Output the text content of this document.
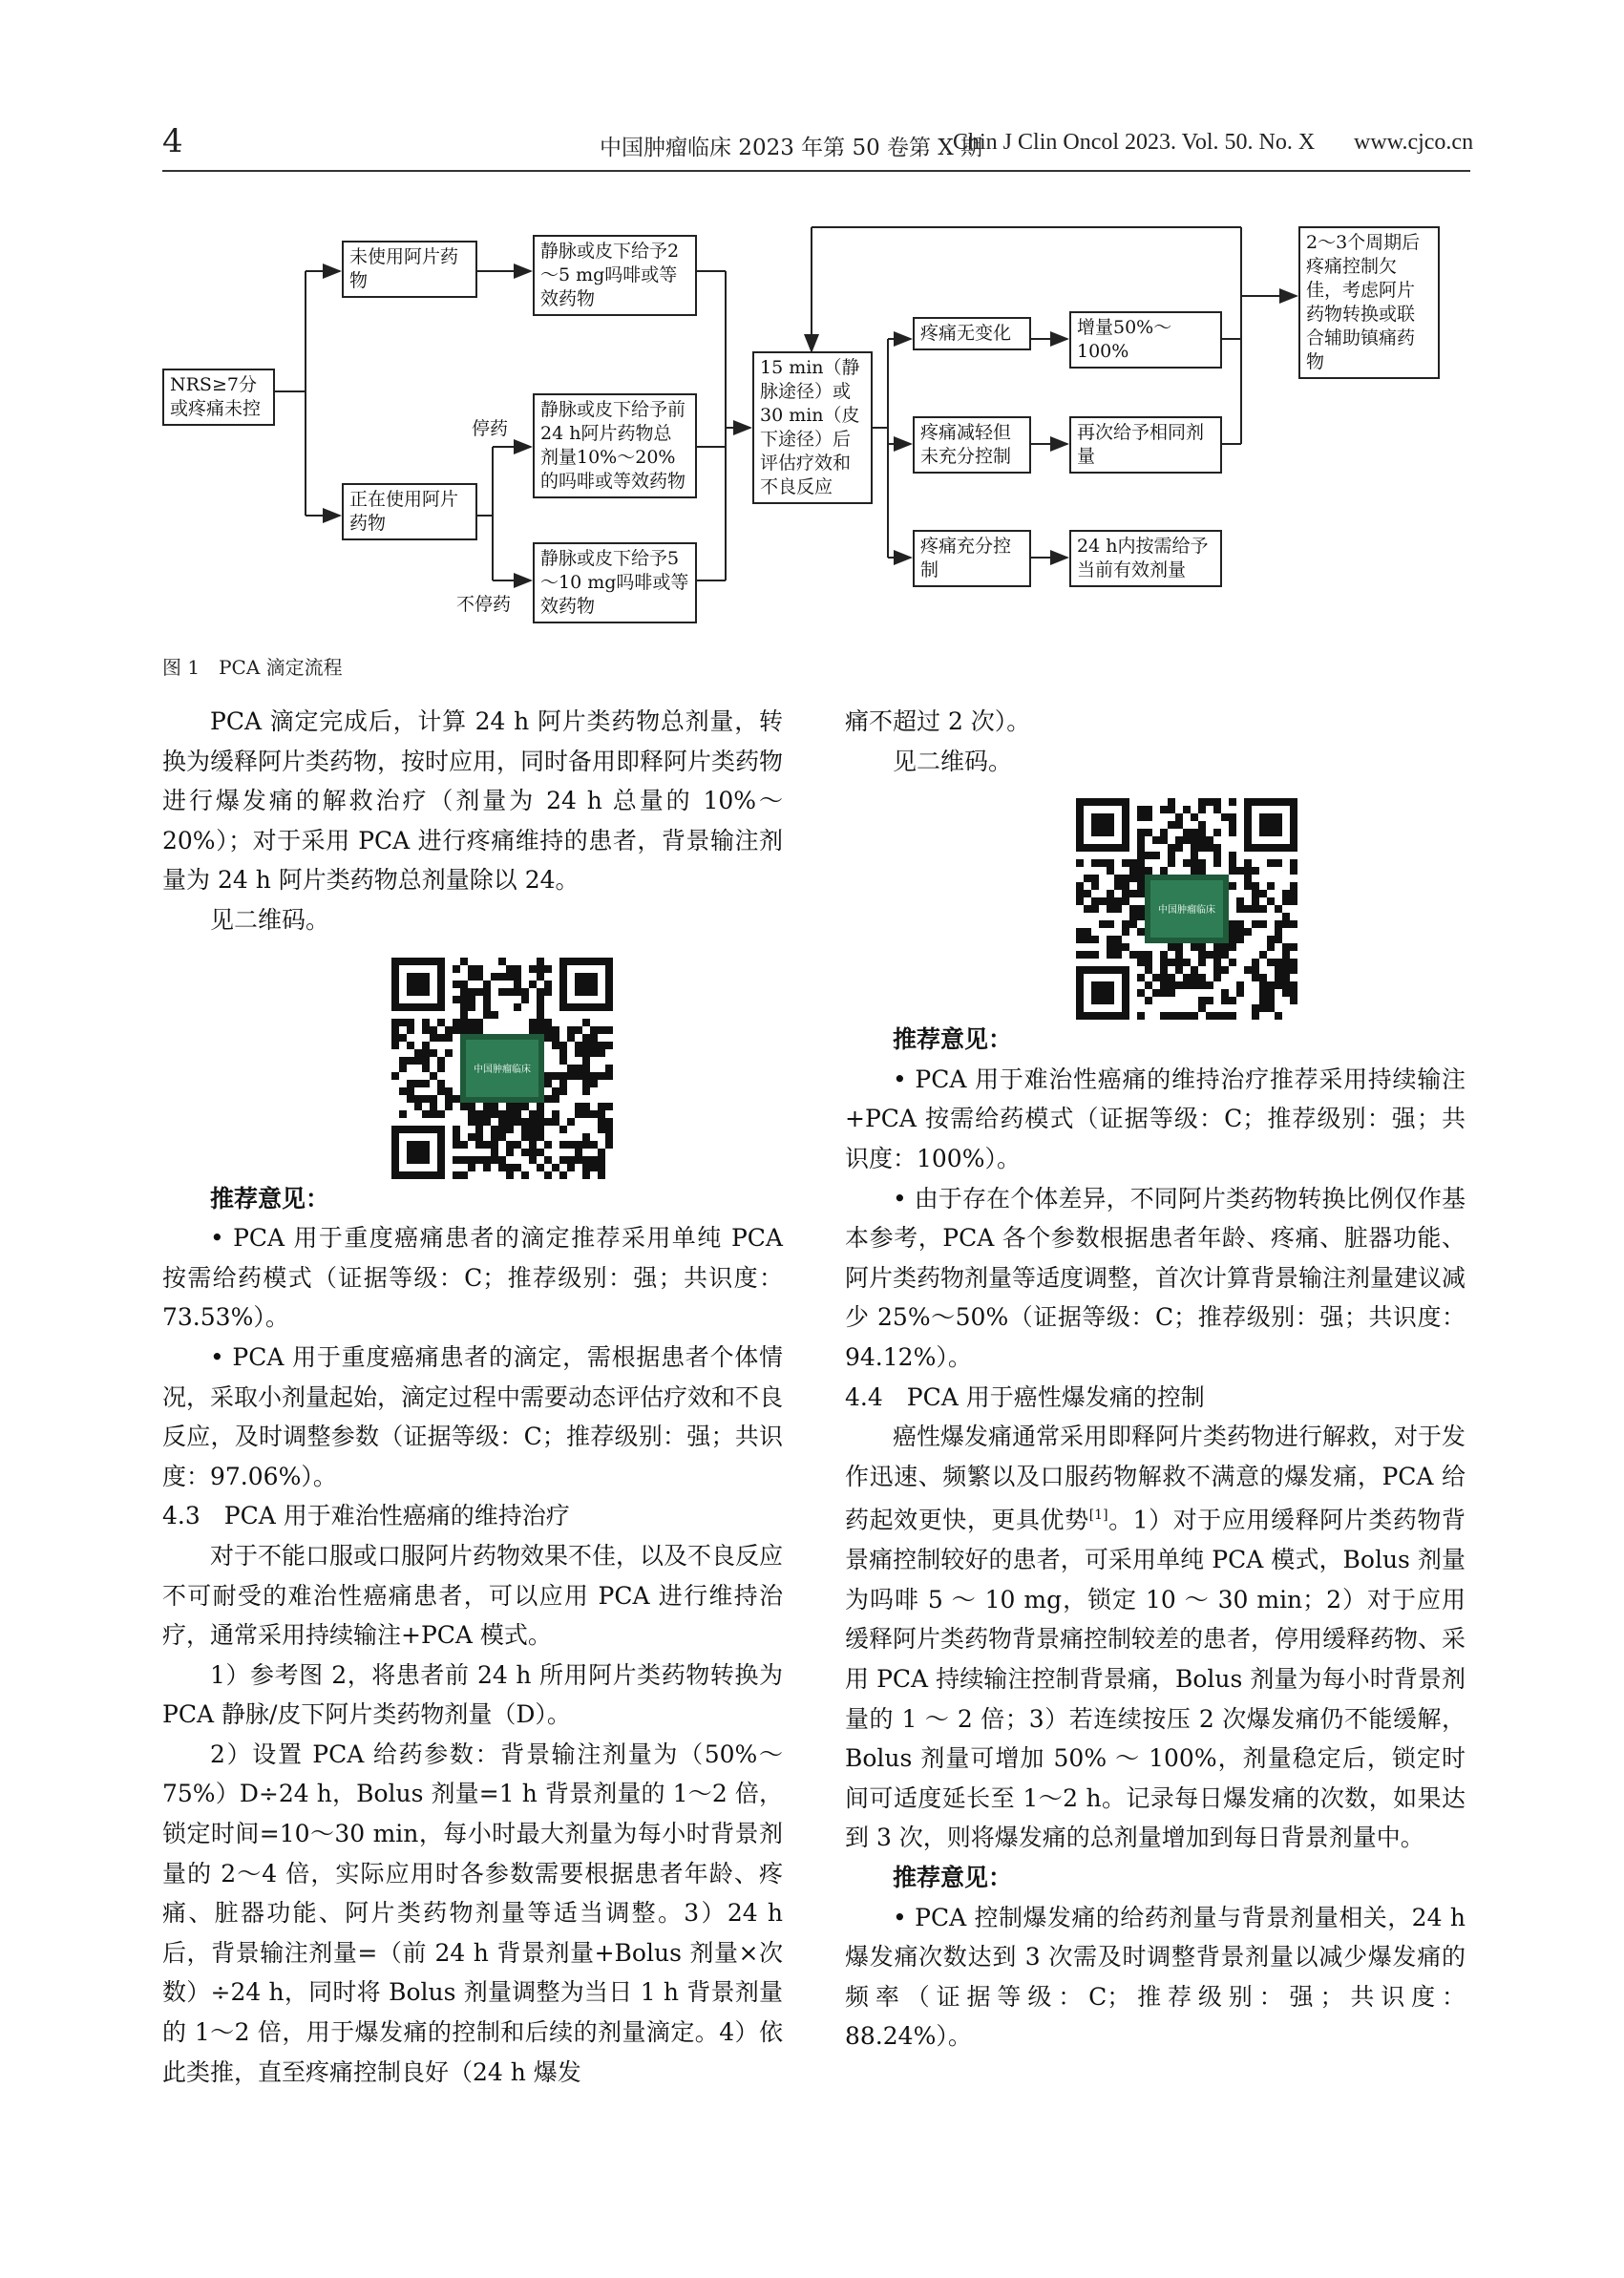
4	中国肿瘤临床 2023 年第 50 卷第 X 期
Chin J Clin Oncol 2023. Vol. 50. No. X www.cjco.cn
NRS≥7分或疼痛未控
未使用阿片药物
正在使用阿片药物
静脉或皮下给予2～5 mg吗啡或等效药物
静脉或皮下给予前24 h阿片药物总剂量10%～20%的吗啡或等效药物
静脉或皮下给予5～10 mg吗啡或等效药物
15 min（静脉途径）或30 min（皮下途径）后评估疗效和不良反应
疼痛无变化
疼痛减轻但未充分控制
疼痛充分控制
增量50%～100%
再次给予相同剂量
24 h内按需给予当前有效剂量
2～3个周期后疼痛控制欠佳，考虑阿片药物转换或联合辅助镇痛药物
停药
不停药
图 1　PCA 滴定流程

PCA 滴定完成后，计算 24 h 阿片类药物总剂量，转换为缓释阿片类药物，按时应用，同时备用即释阿片类药物进行爆发痛的解救治疗（剂量为 24 h 总量的 10%～20%）；对于采用 PCA 进行疼痛维持的患者，背景输注剂量为 24 h 阿片类药物总剂量除以 24。

见二维码。

中国肿瘤临床

推荐意见：

• PCA 用于重度癌痛患者的滴定推荐采用单纯 PCA 按需给药模式（证据等级：C；推荐级别：强；共识度：73.53%）。

• PCA 用于重度癌痛患者的滴定，需根据患者个体情况，采取小剂量起始，滴定过程中需要动态评估疗效和不良反应，及时调整参数（证据等级：C；推荐级别：强；共识度：97.06%）。

4.3　PCA 用于难治性癌痛的维持治疗

对于不能口服或口服阿片药物效果不佳，以及不良反应不可耐受的难治性癌痛患者，可以应用 PCA 进行维持治疗，通常采用持续输注+PCA 模式。

1）参考图 2，将患者前 24 h 所用阿片类药物转换为 PCA 静脉/皮下阿片类药物剂量（D）。

2）设置 PCA 给药参数：背景输注剂量为（50%～75%）D÷24 h，Bolus 剂量=1 h 背景剂量的 1～2 倍，锁定时间=10～30 min，每小时最大剂量为每小时背景剂量的 2～4 倍，实际应用时各参数需要根据患者年龄、疼痛、脏器功能、阿片类药物剂量等适当调整。3）24 h 后，背景输注剂量=（前 24 h 背景剂量+Bolus 剂量×次数）÷24 h，同时将 Bolus 剂量调整为当日 1 h 背景剂量的 1～2 倍，用于爆发痛的控制和后续的剂量滴定。4）依此类推，直至疼痛控制良好（24 h 爆发

痛不超过 2 次）。

见二维码。

中国肿瘤临床

推荐意见：

• PCA 用于难治性癌痛的维持治疗推荐采用持续输注+PCA 按需给药模式（证据等级：C；推荐级别：强；共识度：100%）。

• 由于存在个体差异，不同阿片类药物转换比例仅作基本参考，PCA 各个参数根据患者年龄、疼痛、脏器功能、阿片类药物剂量等适度调整，首次计算背景输注剂量建议减少 25%～50%（证据等级：C；推荐级别：强；共识度：94.12%）。

4.4　PCA 用于癌性爆发痛的控制

癌性爆发痛通常采用即释阿片类药物进行解救，对于发作迅速、频繁以及口服药物解救不满意的爆发痛，PCA 给药起效更快，更具优势[1]。1）对于应用缓释阿片类药物背景痛控制较好的患者，可采用单纯 PCA 模式，Bolus 剂量为吗啡 5 ～ 10 mg，锁定 10 ～ 30 min；2）对于应用缓释阿片类药物背景痛控制较差的患者，停用缓释药物、采用 PCA 持续输注控制背景痛，Bolus 剂量为每小时背景剂量的 1 ～ 2 倍；3）若连续按压 2 次爆发痛仍不能缓解，Bolus 剂量可增加 50% ～ 100%，剂量稳定后，锁定时间可适度延长至 1～2 h。记录每日爆发痛的次数，如果达到 3 次，则将爆发痛的总剂量增加到每日背景剂量中。

推荐意见：

• PCA 控制爆发痛的给药剂量与背景剂量相关，24 h 爆发痛次数达到 3 次需及时调整背景剂量以减少爆发痛的频率（证据等级：C；推荐级别：强；共识度：88.24%）。
